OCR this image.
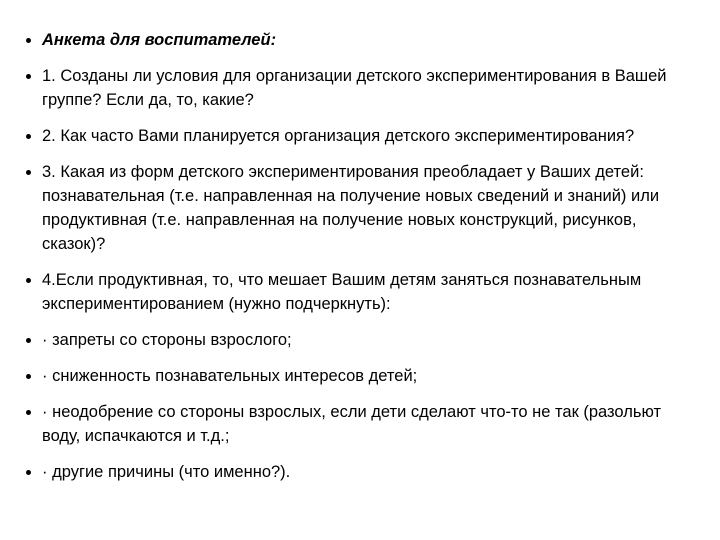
Анкета для воспитателей:
1. Созданы ли условия для организации детского экспериментирования в Вашей группе? Если да, то, какие?
2. Как часто Вами планируется организация детского экспериментирования?
3. Какая из форм детского экспериментирования преобладает у Ваших детей: познавательная (т.е. направленная на получение новых сведений и знаний) или продуктивная (т.е. направленная на получение новых конструкций, рисунков, сказок)?
4.Если продуктивная, то, что мешает Вашим детям заняться познавательным экспериментированием (нужно подчеркнуть):
· запреты со стороны взрослого;
· сниженность познавательных интересов детей;
· неодобрение со стороны взрослых, если дети сделают что-то не так (разольют воду, испачкаются и т.д.;
· другие причины (что именно?).
